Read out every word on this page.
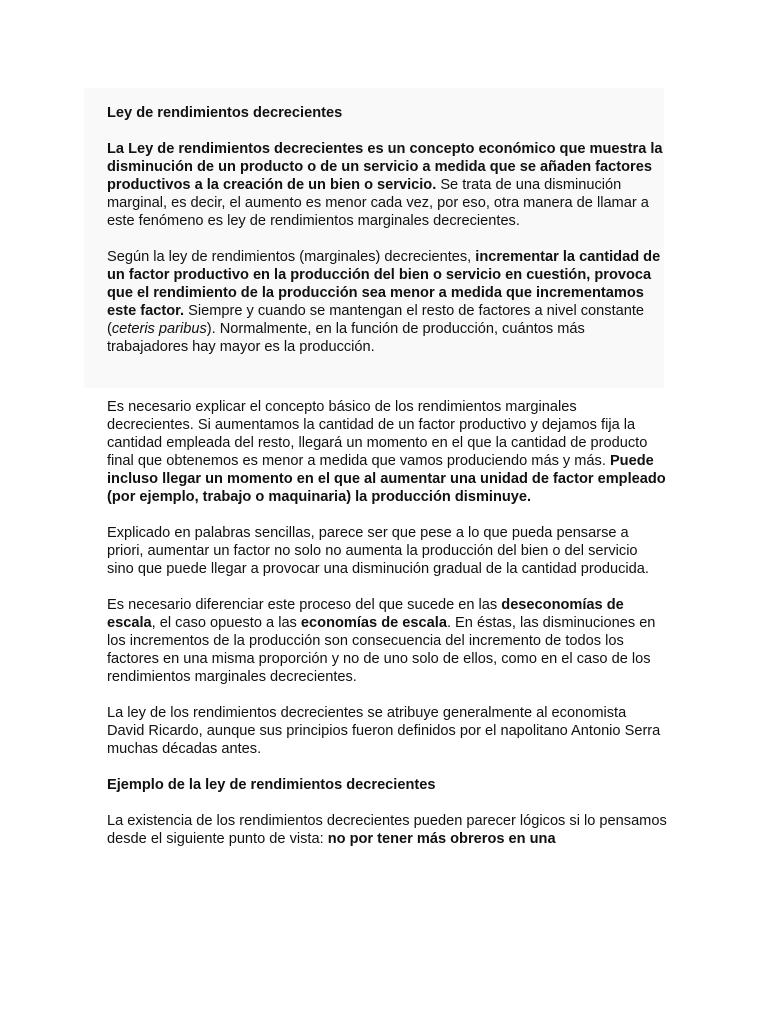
Ley de rendimientos decrecientes

La Ley de rendimientos decrecientes es un concepto económico que muestra la disminución de un producto o de un servicio a medida que se añaden factores productivos a la creación de un bien o servicio. Se trata de una disminución marginal, es decir, el aumento es menor cada vez, por eso, otra manera de llamar a este fenómeno es ley de rendimientos marginales decrecientes.

Según la ley de rendimientos (marginales) decrecientes, incrementar la cantidad de un factor productivo en la producción del bien o servicio en cuestión, provoca que el rendimiento de la producción sea menor a medida que incrementamos este factor. Siempre y cuando se mantengan el resto de factores a nivel constante (ceteris paribus). Normalmente, en la función de producción, cuántos más trabajadores hay mayor es la producción.

Es necesario explicar el concepto básico de los rendimientos marginales decrecientes. Si aumentamos la cantidad de un factor productivo y dejamos fija la cantidad empleada del resto, llegará un momento en el que la cantidad de producto final que obtenemos es menor a medida que vamos produciendo más y más. Puede incluso llegar un momento en el que al aumentar una unidad de factor empleado (por ejemplo, trabajo o maquinaria) la producción disminuye.

Explicado en palabras sencillas, parece ser que pese a lo que pueda pensarse a priori, aumentar un factor no solo no aumenta la producción del bien o del servicio sino que puede llegar a provocar una disminución gradual de la cantidad producida.

Es necesario diferenciar este proceso del que sucede en las deseconomías de escala, el caso opuesto a las economías de escala. En éstas, las disminuciones en los incrementos de la producción son consecuencia del incremento de todos los factores en una misma proporción y no de uno solo de ellos, como en el caso de los rendimientos marginales decrecientes.

La ley de los rendimientos decrecientes se atribuye generalmente al economista David Ricardo, aunque sus principios fueron definidos por el napolitano Antonio Serra muchas décadas antes.

Ejemplo de la ley de rendimientos decrecientes

La existencia de los rendimientos decrecientes pueden parecer lógicos si lo pensamos desde el siguiente punto de vista: no por tener más obreros en una
